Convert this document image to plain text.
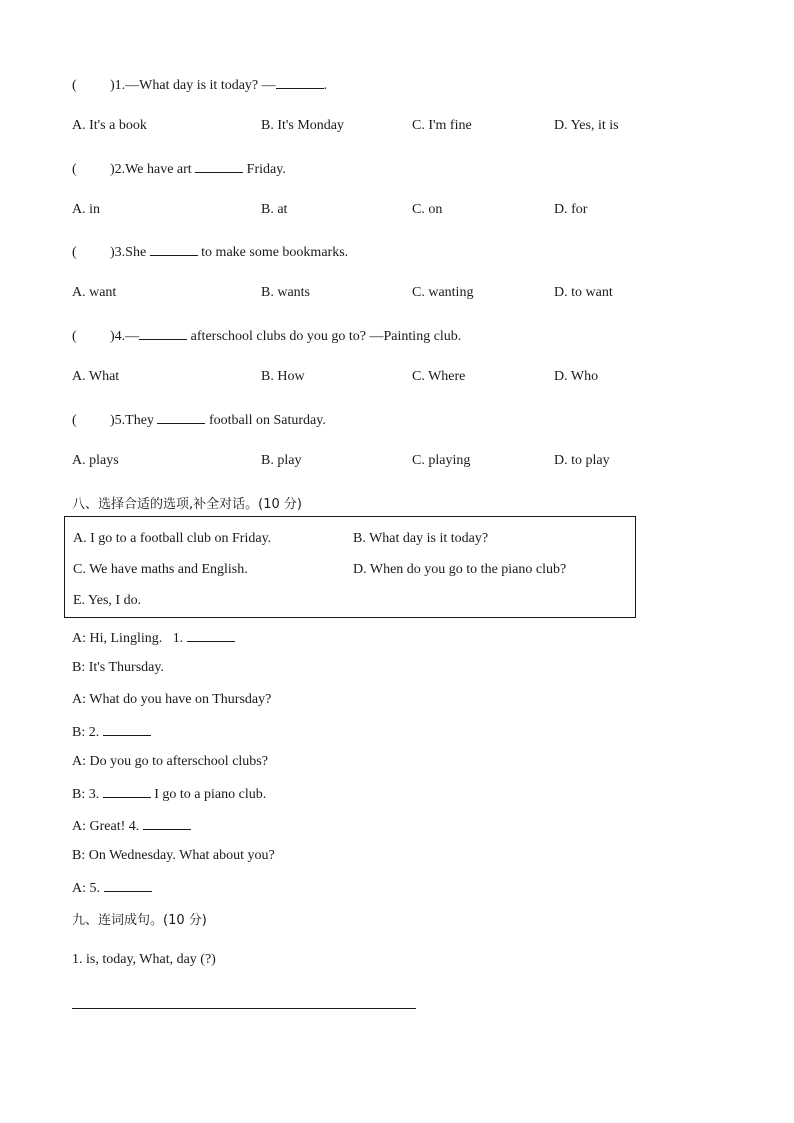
( )1.—What day is it today? —	.
A. It's a book	B. It's Monday	C. I'm fine	D. Yes, it is
( )2.We have art	Friday.
A. in	B. at	C. on	D. for
( )3.She	to make some bookmarks.
A. want	B. wants	C. wanting	D. to want
( )4.—	afterschool clubs do you go to? —Painting club.
A. What	B. How	C. Where	D. Who
( )5.They	football on Saturday.
A. plays	B. play	C. playing	D. to play
八、选择合适的选项,补全对话。(10 分)
A. I go to a football club on Friday.	B. What day is it today?
C. We have maths and English.	D. When do you go to the piano club?
E. Yes, I do.
A: Hi, Lingling.   1.
B: It's Thursday.
A: What do you have on Thursday?
B: 2.
A: Do you go to afterschool clubs?
B: 3.	I go to a piano club.
A: Great! 4.
B: On Wednesday. What about you?
A: 5.
九、连词成句。(10 分)
1. is, today, What, day (?)
